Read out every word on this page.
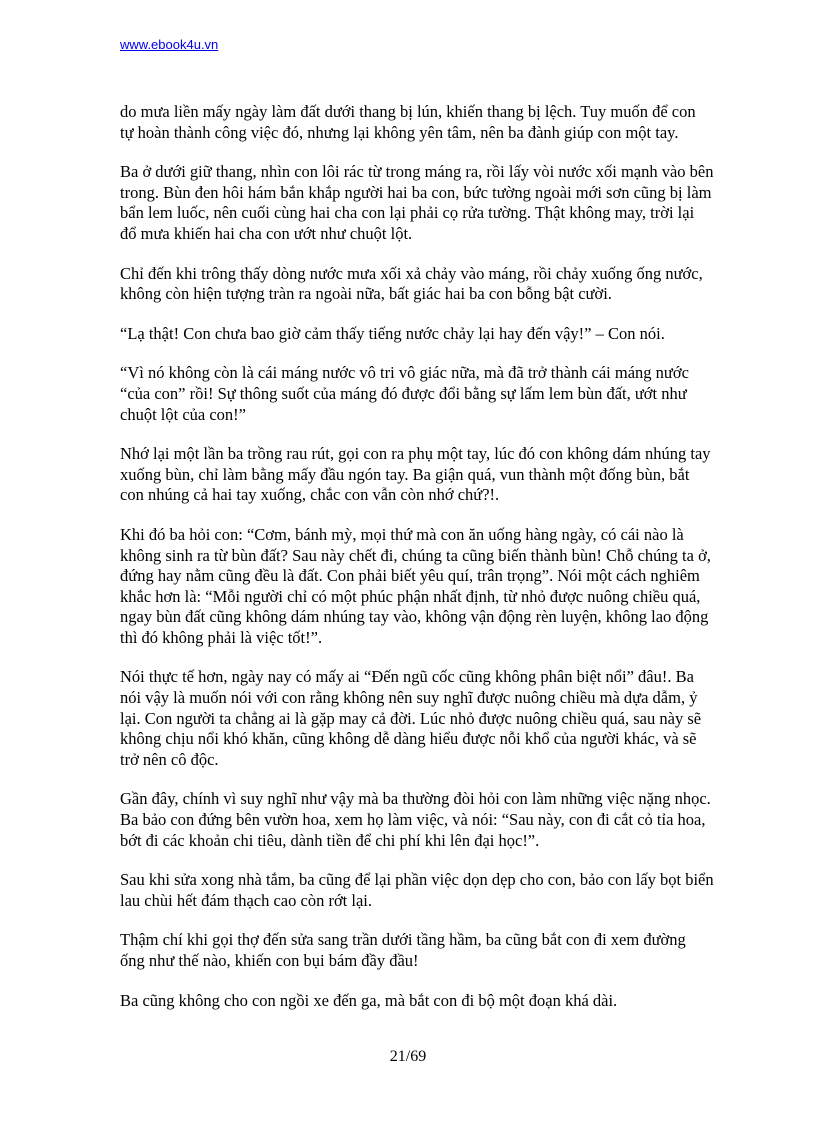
www.ebook4u.vn

do mưa liền mấy ngày làm đất dưới thang bị lún, khiến thang bị lệch. Tuy muốn để con
tự hoàn thành công việc đó, nhưng lại không yên tâm, nên ba đành giúp con một tay.

Ba ở dưới giữ thang, nhìn con lôi rác từ trong máng ra, rồi lấy vòi nước xối mạnh vào bên
trong. Bùn đen hôi hám bắn khắp người hai ba con, bức tường ngoài mới sơn cũng bị làm
bẩn lem luốc, nên cuối cùng hai cha con lại phải cọ rửa tường. Thật không may, trời lại
đổ mưa khiến hai cha con ướt như chuột lột.

Chỉ đến khi trông thấy dòng nước mưa xối xả chảy vào máng, rồi chảy xuống ống nước,
không còn hiện tượng tràn ra ngoài nữa, bất giác hai ba con bỗng bật cười.

“Lạ thật! Con chưa bao giờ cảm thấy tiếng nước chảy lại hay đến vậy!” – Con nói.

“Vì nó không còn là cái máng nước vô tri vô giác nữa, mà đã trở thành cái máng nước
“của con” rồi! Sự thông suốt của máng đó được đổi bằng sự lấm lem bùn đất, ướt như
chuột lột của con!”

Nhớ lại một lần ba trồng rau rút, gọi con ra phụ một tay, lúc đó con không dám nhúng tay
xuống bùn, chỉ làm bằng mấy đầu ngón tay. Ba giận quá, vun thành một đống bùn, bắt
con nhúng cả hai tay xuống, chắc con vẫn còn nhớ chứ?!.

Khi đó ba hỏi con: “Cơm, bánh mỳ, mọi thứ mà con ăn uống hàng ngày, có cái nào là
không sinh ra từ bùn đất? Sau này chết đi, chúng ta cũng biến thành bùn! Chỗ chúng ta ở,
đứng hay nằm cũng đều là đất. Con phải biết yêu quí, trân trọng”. Nói một cách nghiêm
khắc hơn là: “Mỗi người chỉ có một phúc phận nhất định, từ nhỏ được nuông chiều quá,
ngay bùn đất cũng không dám nhúng tay vào, không vận động rèn luyện, không lao động
thì đó không phải là việc tốt!”.

Nói thực tế hơn, ngày nay có mấy ai “Đến ngũ cốc cũng không phân biệt nổi” đâu!. Ba
nói vậy là muốn nói với con rằng không nên suy nghĩ được nuông chiều mà dựa dẫm, ỷ
lại. Con người ta chẳng ai là gặp may cả đời. Lúc nhỏ được nuông chiều quá, sau này sẽ
không chịu nổi khó khăn, cũng không dễ dàng hiểu được nỗi khổ của người khác, và sẽ
trở nên cô độc.

Gần đây, chính vì suy nghĩ như vậy mà ba thường đòi hỏi con làm những việc nặng nhọc.
Ba bảo con đứng bên vườn hoa, xem họ làm việc, và nói: “Sau này, con đi cắt cỏ tỉa hoa,
bớt đi các khoản chi tiêu, dành tiền để chi phí khi lên đại học!”.

Sau khi sửa xong nhà tắm, ba cũng để lại phần việc dọn dẹp cho con, bảo con lấy bọt biển
lau chùi hết đám thạch cao còn rớt lại.

Thậm chí khi gọi thợ đến sửa sang trần dưới tầng hầm, ba cũng bắt con đi xem đường
ống như thế nào, khiến con bụi bám đầy đầu!

Ba cũng không cho con ngồi xe đến ga, mà bắt con đi bộ một đoạn khá dài.

21/69
